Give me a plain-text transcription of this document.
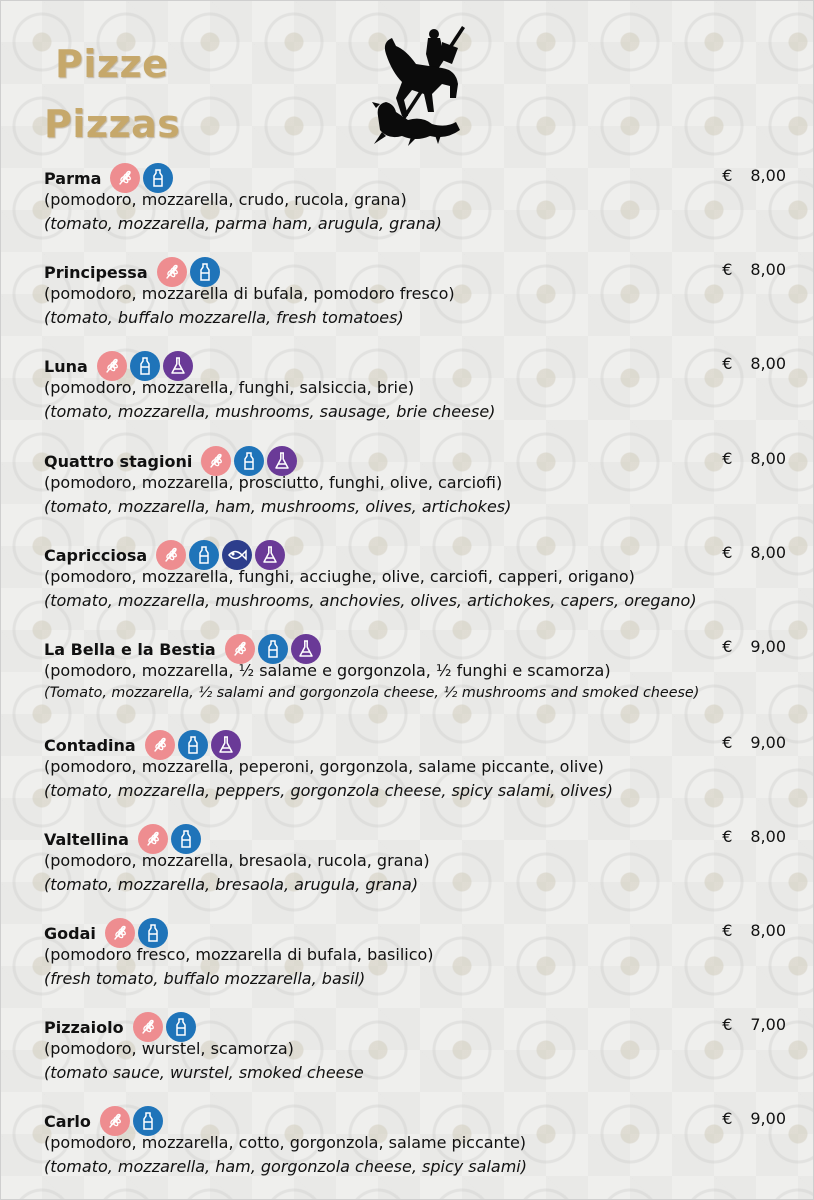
Pizze
Pizzas
Parma	€ 8,00
(pomodoro, mozzarella, crudo, rucola, grana)
(tomato, mozzarella, parma ham, arugula, grana)
Principessa	€ 8,00
(pomodoro, mozzarella di bufala, pomodoro fresco)
(tomato, buffalo mozzarella, fresh tomatoes)
Luna	€ 8,00
(pomodoro, mozzarella, funghi, salsiccia, brie)
(tomato, mozzarella, mushrooms, sausage, brie cheese)
Quattro stagioni	€ 8,00
(pomodoro, mozzarella, prosciutto, funghi, olive, carciofi)
(tomato, mozzarella, ham, mushrooms, olives, artichokes)
Capricciosa	€ 8,00
(pomodoro, mozzarella, funghi, acciughe, olive, carciofi, capperi, origano)
(tomato, mozzarella, mushrooms, anchovies, olives, artichokes, capers, oregano)
La Bella e la Bestia	€ 9,00
(pomodoro, mozzarella, ½ salame e gorgonzola, ½ funghi e scamorza)
(Tomato, mozzarella, ½ salami and gorgonzola cheese, ½ mushrooms and smoked cheese)
Contadina	€ 9,00
(pomodoro, mozzarella, peperoni, gorgonzola, salame piccante, olive)
(tomato, mozzarella, peppers, gorgonzola cheese, spicy salami, olives)
Valtellina	€ 8,00
(pomodoro, mozzarella, bresaola, rucola, grana)
(tomato, mozzarella, bresaola, arugula, grana)
Godai	€ 8,00
(pomodoro fresco, mozzarella di bufala, basilico)
(fresh tomato, buffalo mozzarella, basil)
Pizzaiolo	€ 7,00
(pomodoro, wurstel, scamorza)
(tomato sauce, wurstel, smoked cheese
Carlo	€ 9,00
(pomodoro, mozzarella, cotto, gorgonzola, salame piccante)
(tomato, mozzarella, ham, gorgonzola cheese, spicy salami)
